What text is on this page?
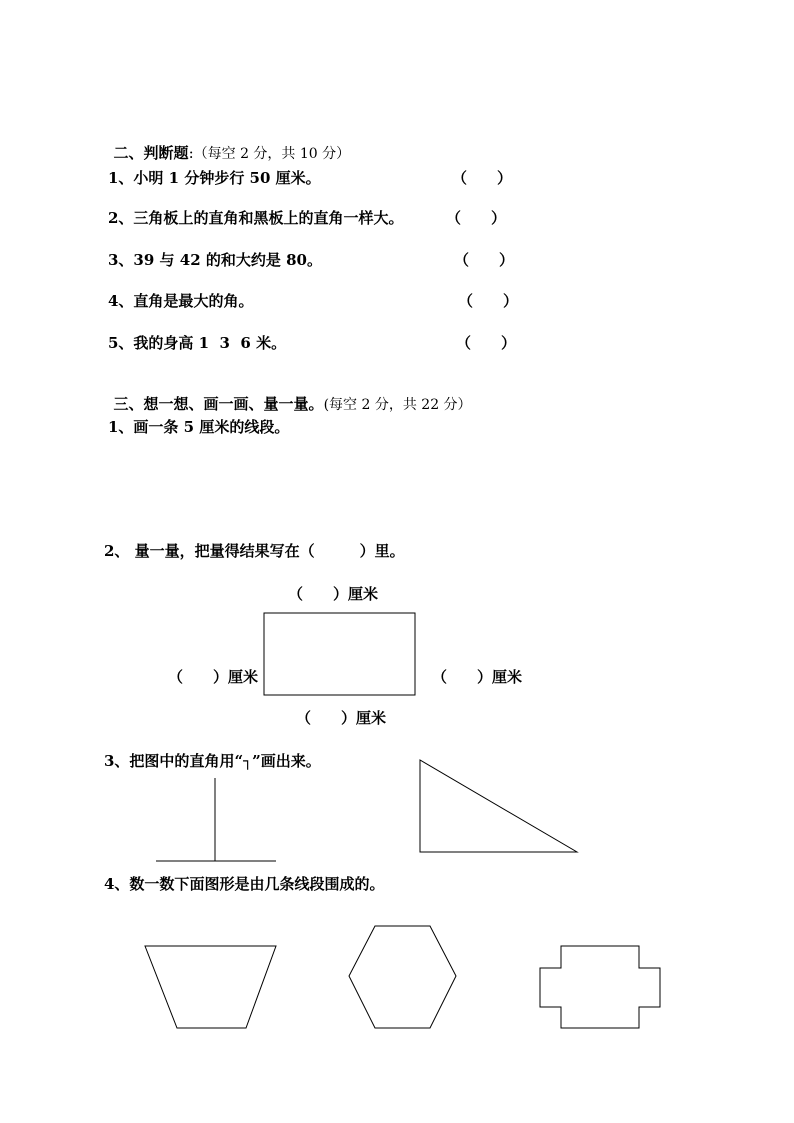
二、判断题:（每空 2 分，共 10 分）

1、小明 1 分钟步行 50 厘米。	（　　）
2、三角板上的直角和黑板上的直角一样大。	（　　）
3、39 与 42 的和大约是 80。	（　　）
4、直角是最大的角。	（　　）
5、我的身高 1  3  6 米。	（　　）

三、想一想、画一画、量一量。(每空 2 分，共 22 分）

1、画一条 5 厘米的线段。
2、 量一量，把量得结果写在（　　　）里。
（　　）厘米
（　　）厘米	（　　）厘米
（　　）厘米
3、把图中的直角用“┐”画出来。
4、数一数下面图形是由几条线段围成的。
